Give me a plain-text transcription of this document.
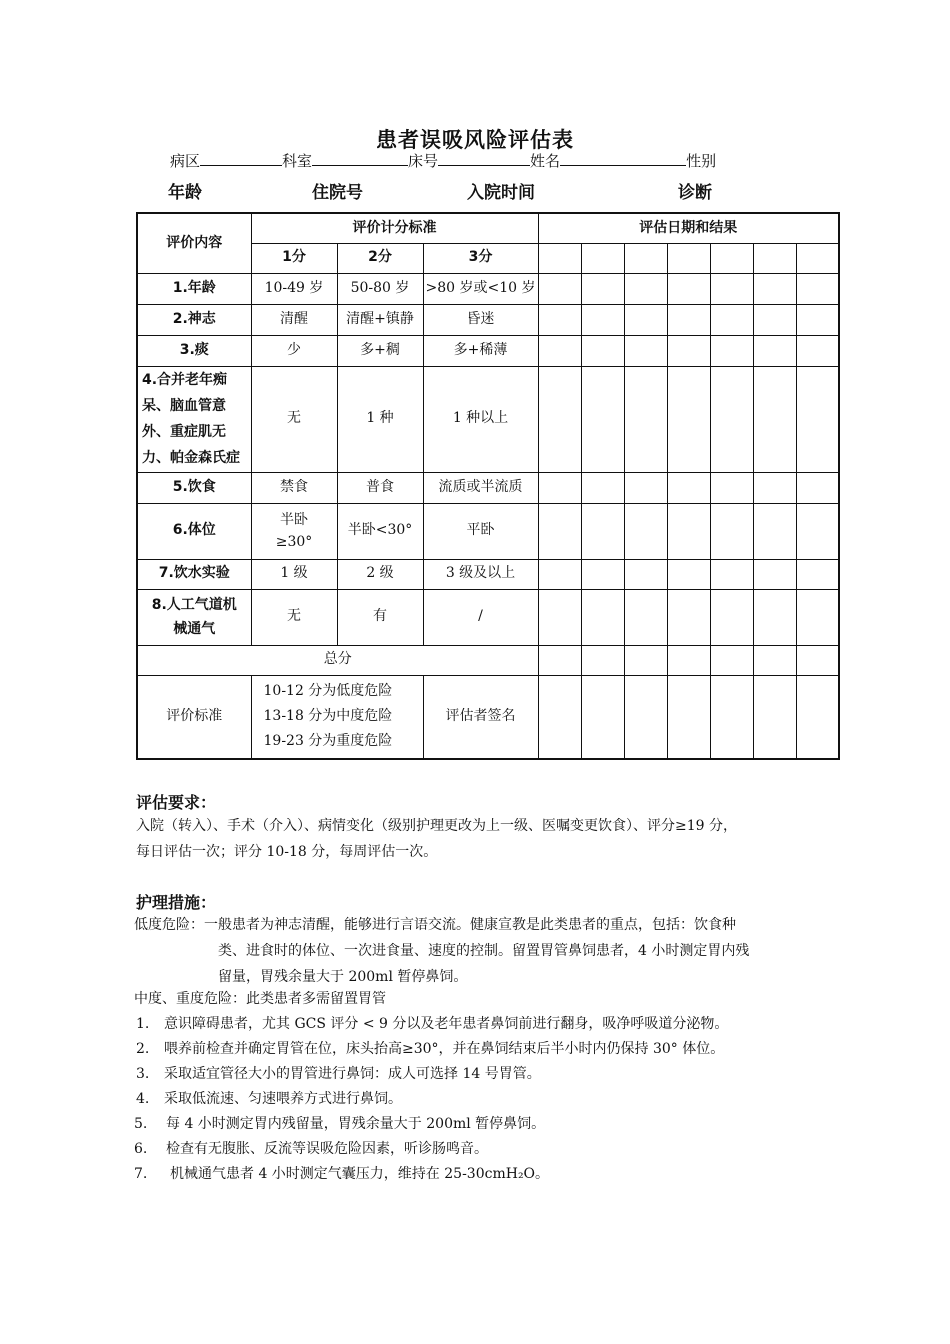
患者误吸风险评估表
病区	科室	床号	姓名	性别
年龄	住院号	入院时间	诊断
评价内容	评价计分标准			评估日期和结果						
	1分	2分	3分							
1.年龄	10-49 岁	50-80 岁	>80 岁或<10 岁							
2.神志	清醒	清醒+镇静	昏迷							
3.痰	少	多+稠	多+稀薄							

4.合并老年痴
呆、脑血管意
外、重症肌无
力、帕金森氏症	无	1 种	1 种以上							
5.饮食	禁食	普食	流质或半流质							
6.体位	半卧
≥30°	半卧<30°	平卧							
7.饮水实验	1 级	2 级	3 级及以上							

8.人工气道机
械通气	无	有	/							
总分										
评价标准	10-12 分为低度危险
13-18 分为中度危险
19-23 分为重度危险		评估者签名							
评估要求：
入院（转入）、手术（介入）、病情变化（级别护理更改为上一级、医嘱变更饮食）、评分≥19 分，
每日评估一次；评分 10-18 分，每周评估一次。
护理措施：
低度危险：一般患者为神志清醒，能够进行言语交流。健康宣教是此类患者的重点，包括：饮食种
类、进食时的体位、一次进食量、速度的控制。留置胃管鼻饲患者，4 小时测定胃内残
留量，胃残余量大于 200ml 暂停鼻饲。
中度、重度危险：此类患者多需留置胃管
1. 意识障碍患者，尤其 GCS 评分 < 9 分以及老年患者鼻饲前进行翻身，吸净呼吸道分泌物。
2. 喂养前检查并确定胃管在位，床头抬高≥30°，并在鼻饲结束后半小时内仍保持 30° 体位。
3. 采取适宜管径大小的胃管进行鼻饲：成人可选择 14 号胃管。
4. 采取低流速、匀速喂养方式进行鼻饲。
5. 每 4 小时测定胃内残留量，胃残余量大于 200ml 暂停鼻饲。
6. 检查有无腹胀、反流等误吸危险因素，听诊肠鸣音。
7. 机械通气患者 4 小时测定气囊压力，维持在 25-30cmH₂O。
